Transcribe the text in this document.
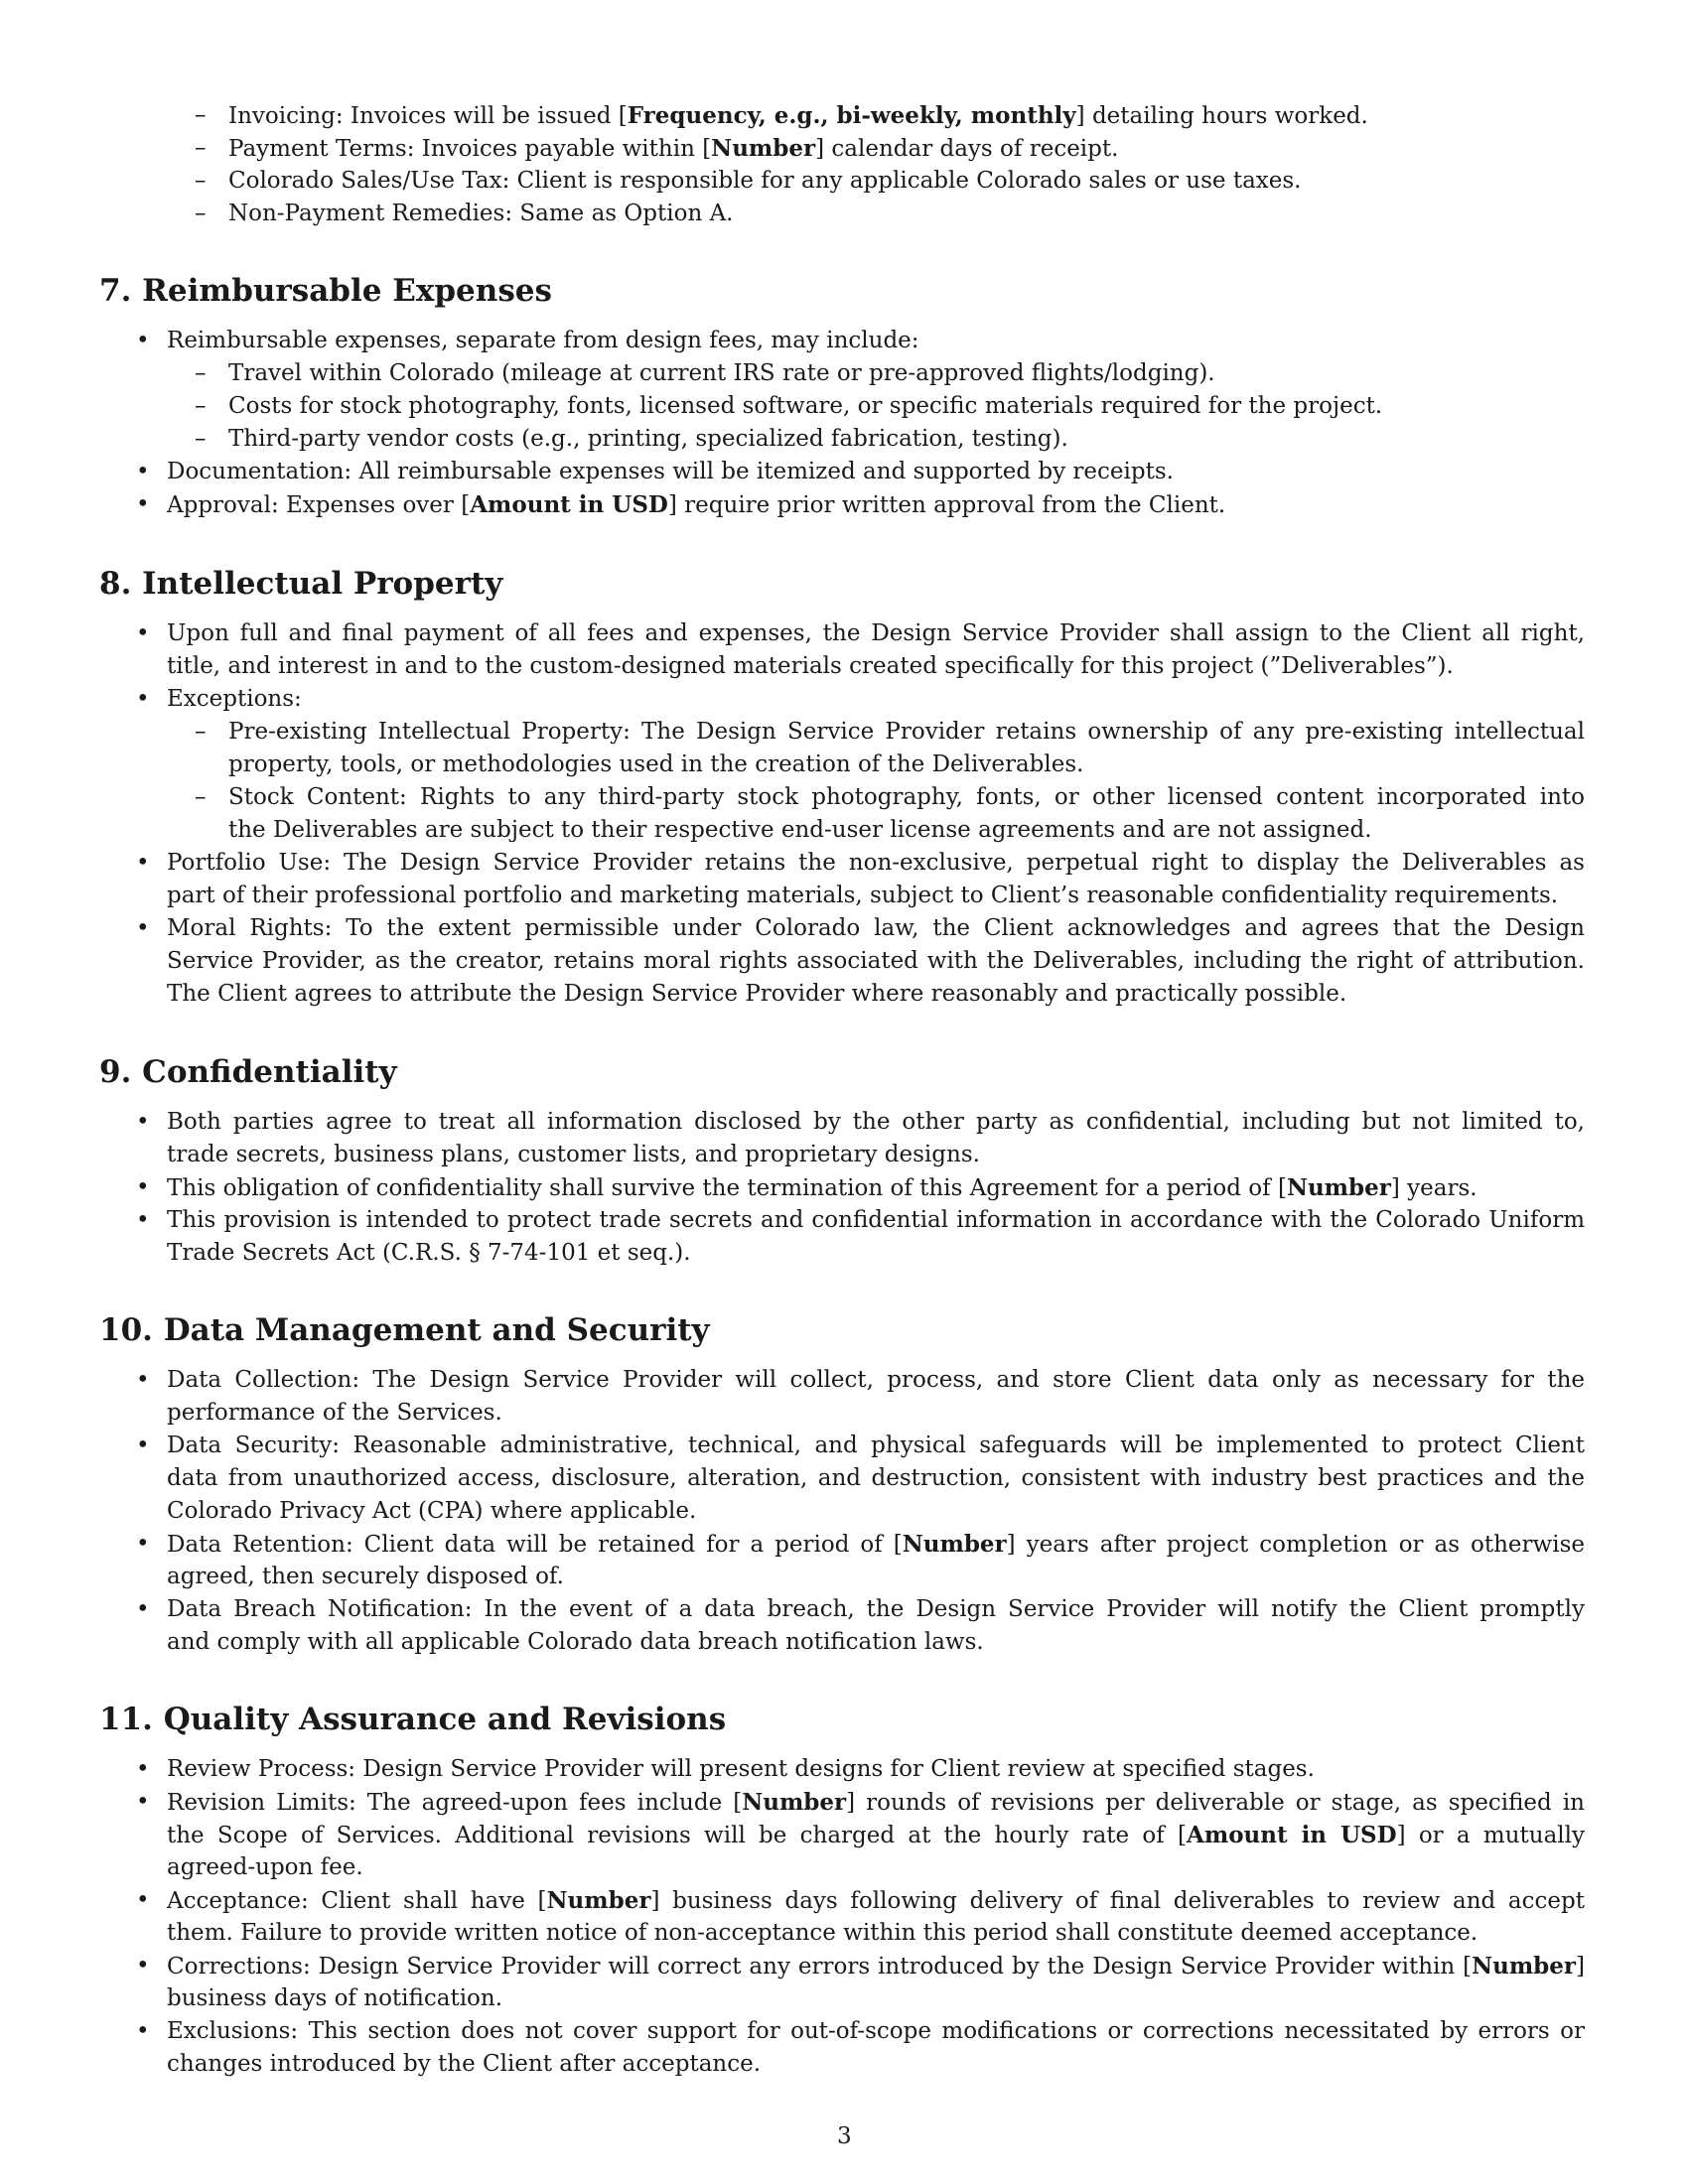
– Invoicing: Invoices will be issued [Frequency, e.g., bi-weekly, monthly] detailing hours worked.
– Payment Terms: Invoices payable within [Number] calendar days of receipt.
– Colorado Sales/Use Tax: Client is responsible for any applicable Colorado sales or use taxes.
– Non-Payment Remedies: Same as Option A.
7. Reimbursable Expenses
• Reimbursable expenses, separate from design fees, may include:
– Travel within Colorado (mileage at current IRS rate or pre-approved flights/lodging).
– Costs for stock photography, fonts, licensed software, or specific materials required for the project.
– Third-party vendor costs (e.g., printing, specialized fabrication, testing).
• Documentation: All reimbursable expenses will be itemized and supported by receipts.
• Approval: Expenses over [Amount in USD] require prior written approval from the Client.
8. Intellectual Property
• Upon full and final payment of all fees and expenses, the Design Service Provider shall assign to the Client all right,
title, and interest in and to the custom-designed materials created specifically for this project (”Deliverables”).
• Exceptions:
– Pre-existing Intellectual Property: The Design Service Provider retains ownership of any pre-existing intellectual
property, tools, or methodologies used in the creation of the Deliverables.
– Stock Content: Rights to any third-party stock photography, fonts, or other licensed content incorporated into
the Deliverables are subject to their respective end-user license agreements and are not assigned.
• Portfolio Use: The Design Service Provider retains the non-exclusive, perpetual right to display the Deliverables as
part of their professional portfolio and marketing materials, subject to Client’s reasonable confidentiality requirements.
• Moral Rights: To the extent permissible under Colorado law, the Client acknowledges and agrees that the Design
Service Provider, as the creator, retains moral rights associated with the Deliverables, including the right of attribution.
The Client agrees to attribute the Design Service Provider where reasonably and practically possible.
9. Confidentiality
• Both parties agree to treat all information disclosed by the other party as confidential, including but not limited to,
trade secrets, business plans, customer lists, and proprietary designs.
• This obligation of confidentiality shall survive the termination of this Agreement for a period of [Number] years.
• This provision is intended to protect trade secrets and confidential information in accordance with the Colorado Uniform
Trade Secrets Act (C.R.S. § 7-74-101 et seq.).
10. Data Management and Security
• Data Collection: The Design Service Provider will collect, process, and store Client data only as necessary for the
performance of the Services.
• Data Security: Reasonable administrative, technical, and physical safeguards will be implemented to protect Client
data from unauthorized access, disclosure, alteration, and destruction, consistent with industry best practices and the
Colorado Privacy Act (CPA) where applicable.
• Data Retention: Client data will be retained for a period of [Number] years after project completion or as otherwise
agreed, then securely disposed of.
• Data Breach Notification: In the event of a data breach, the Design Service Provider will notify the Client promptly
and comply with all applicable Colorado data breach notification laws.
11. Quality Assurance and Revisions
• Review Process: Design Service Provider will present designs for Client review at specified stages.
• Revision Limits: The agreed-upon fees include [Number] rounds of revisions per deliverable or stage, as specified in
the Scope of Services. Additional revisions will be charged at the hourly rate of [Amount in USD] or a mutually
agreed-upon fee.
• Acceptance: Client shall have [Number] business days following delivery of final deliverables to review and accept
them. Failure to provide written notice of non-acceptance within this period shall constitute deemed acceptance.
• Corrections: Design Service Provider will correct any errors introduced by the Design Service Provider within [Number]
business days of notification.
• Exclusions: This section does not cover support for out-of-scope modifications or corrections necessitated by errors or
changes introduced by the Client after acceptance.
3
